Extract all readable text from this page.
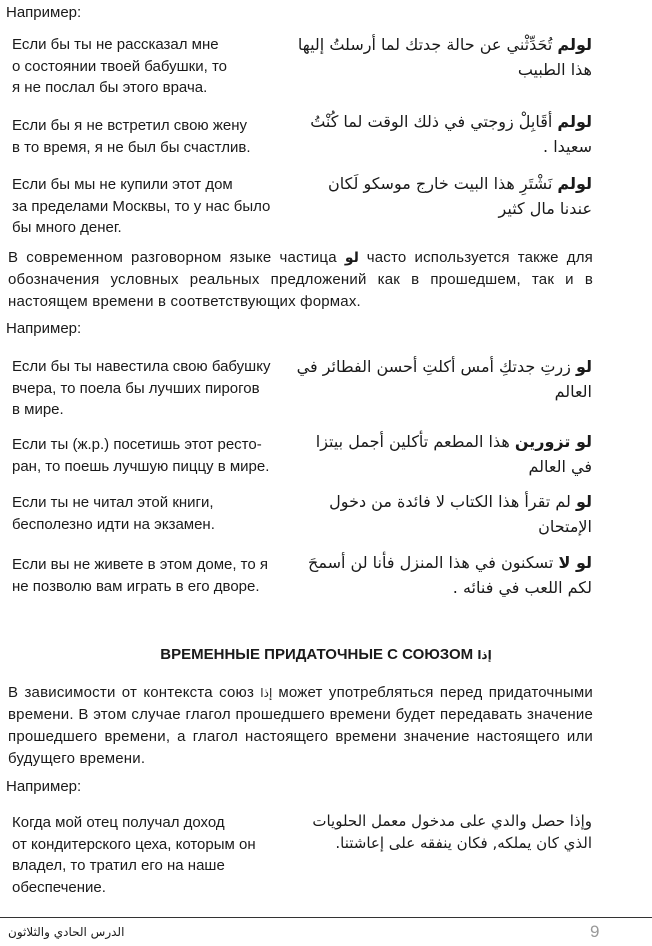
Например:
Если бы ты не рассказал мне
о состоянии твоей бабушки, то
я не послал бы этого врача.
لولم تُحَدِّثْني عن حالة جدتك لما أرسلتُ إليها هذا الطبيب
Если бы я не встретил свою жену
в то время, я не был бы счастлив.
لولم أقَابِلْ زوجتي في ذلك الوقت لما كُنْتُ سعيدا .
Если бы мы не купили этот дом
за пределами Москвы, то у нас было
бы много денег.
لولم نَشْتَرِ هذا البيت خارج موسكو لَكان عندنا مال كثير
В современном разговорном языке частица لو часто используется также для обозначения условных реальных предложений как в прошедшем, так и в настоящем времени в соответствующих формах.
Например:
Если бы ты навестила свою бабушку
вчера, то поела бы лучших пирогов
в мире.
لو زرتِ جدتكِ أمس أكلتِ أحسن الفطائر في العالم
Если ты (ж.р.) посетишь этот ресто-
ран, то поешь лучшую пиццу в мире.
لو تزورين هذا المطعم تأكلين أجمل بيتزا في العالم
Если ты не читал этой книги,
бесполезно идти на экзамен.
لو لم تقرأ هذا الكتاب لا فائدة من دخول الإمتحان
Если вы не живете в этом доме, то я
не позволю вам играть в его дворе.
لو لا تسكنون في هذا المنزل فأنا لن أسمحَ لكم اللعب في فنائه .
ВРЕМЕННЫЕ ПРИДАТОЧНЫЕ С СОЮЗОМ إذا
В зависимости от контекста союз إذا может употребляться перед придаточными времени. В этом случае глагол прошедшего времени будет передавать значение прошедшего времени, а глагол настоящего времени значение настоящего или будущего времени.
Например:
Когда мой отец получал доход
от кондитерского цеха, которым он
владел, то тратил его на наше
обеспечение.
وإذا حصل والدي على مدخول معمل الحلويات الذي كان يملكه, فكان ينفقه على إعاشتنا.
الدرس الحادي والثلاثون	9
